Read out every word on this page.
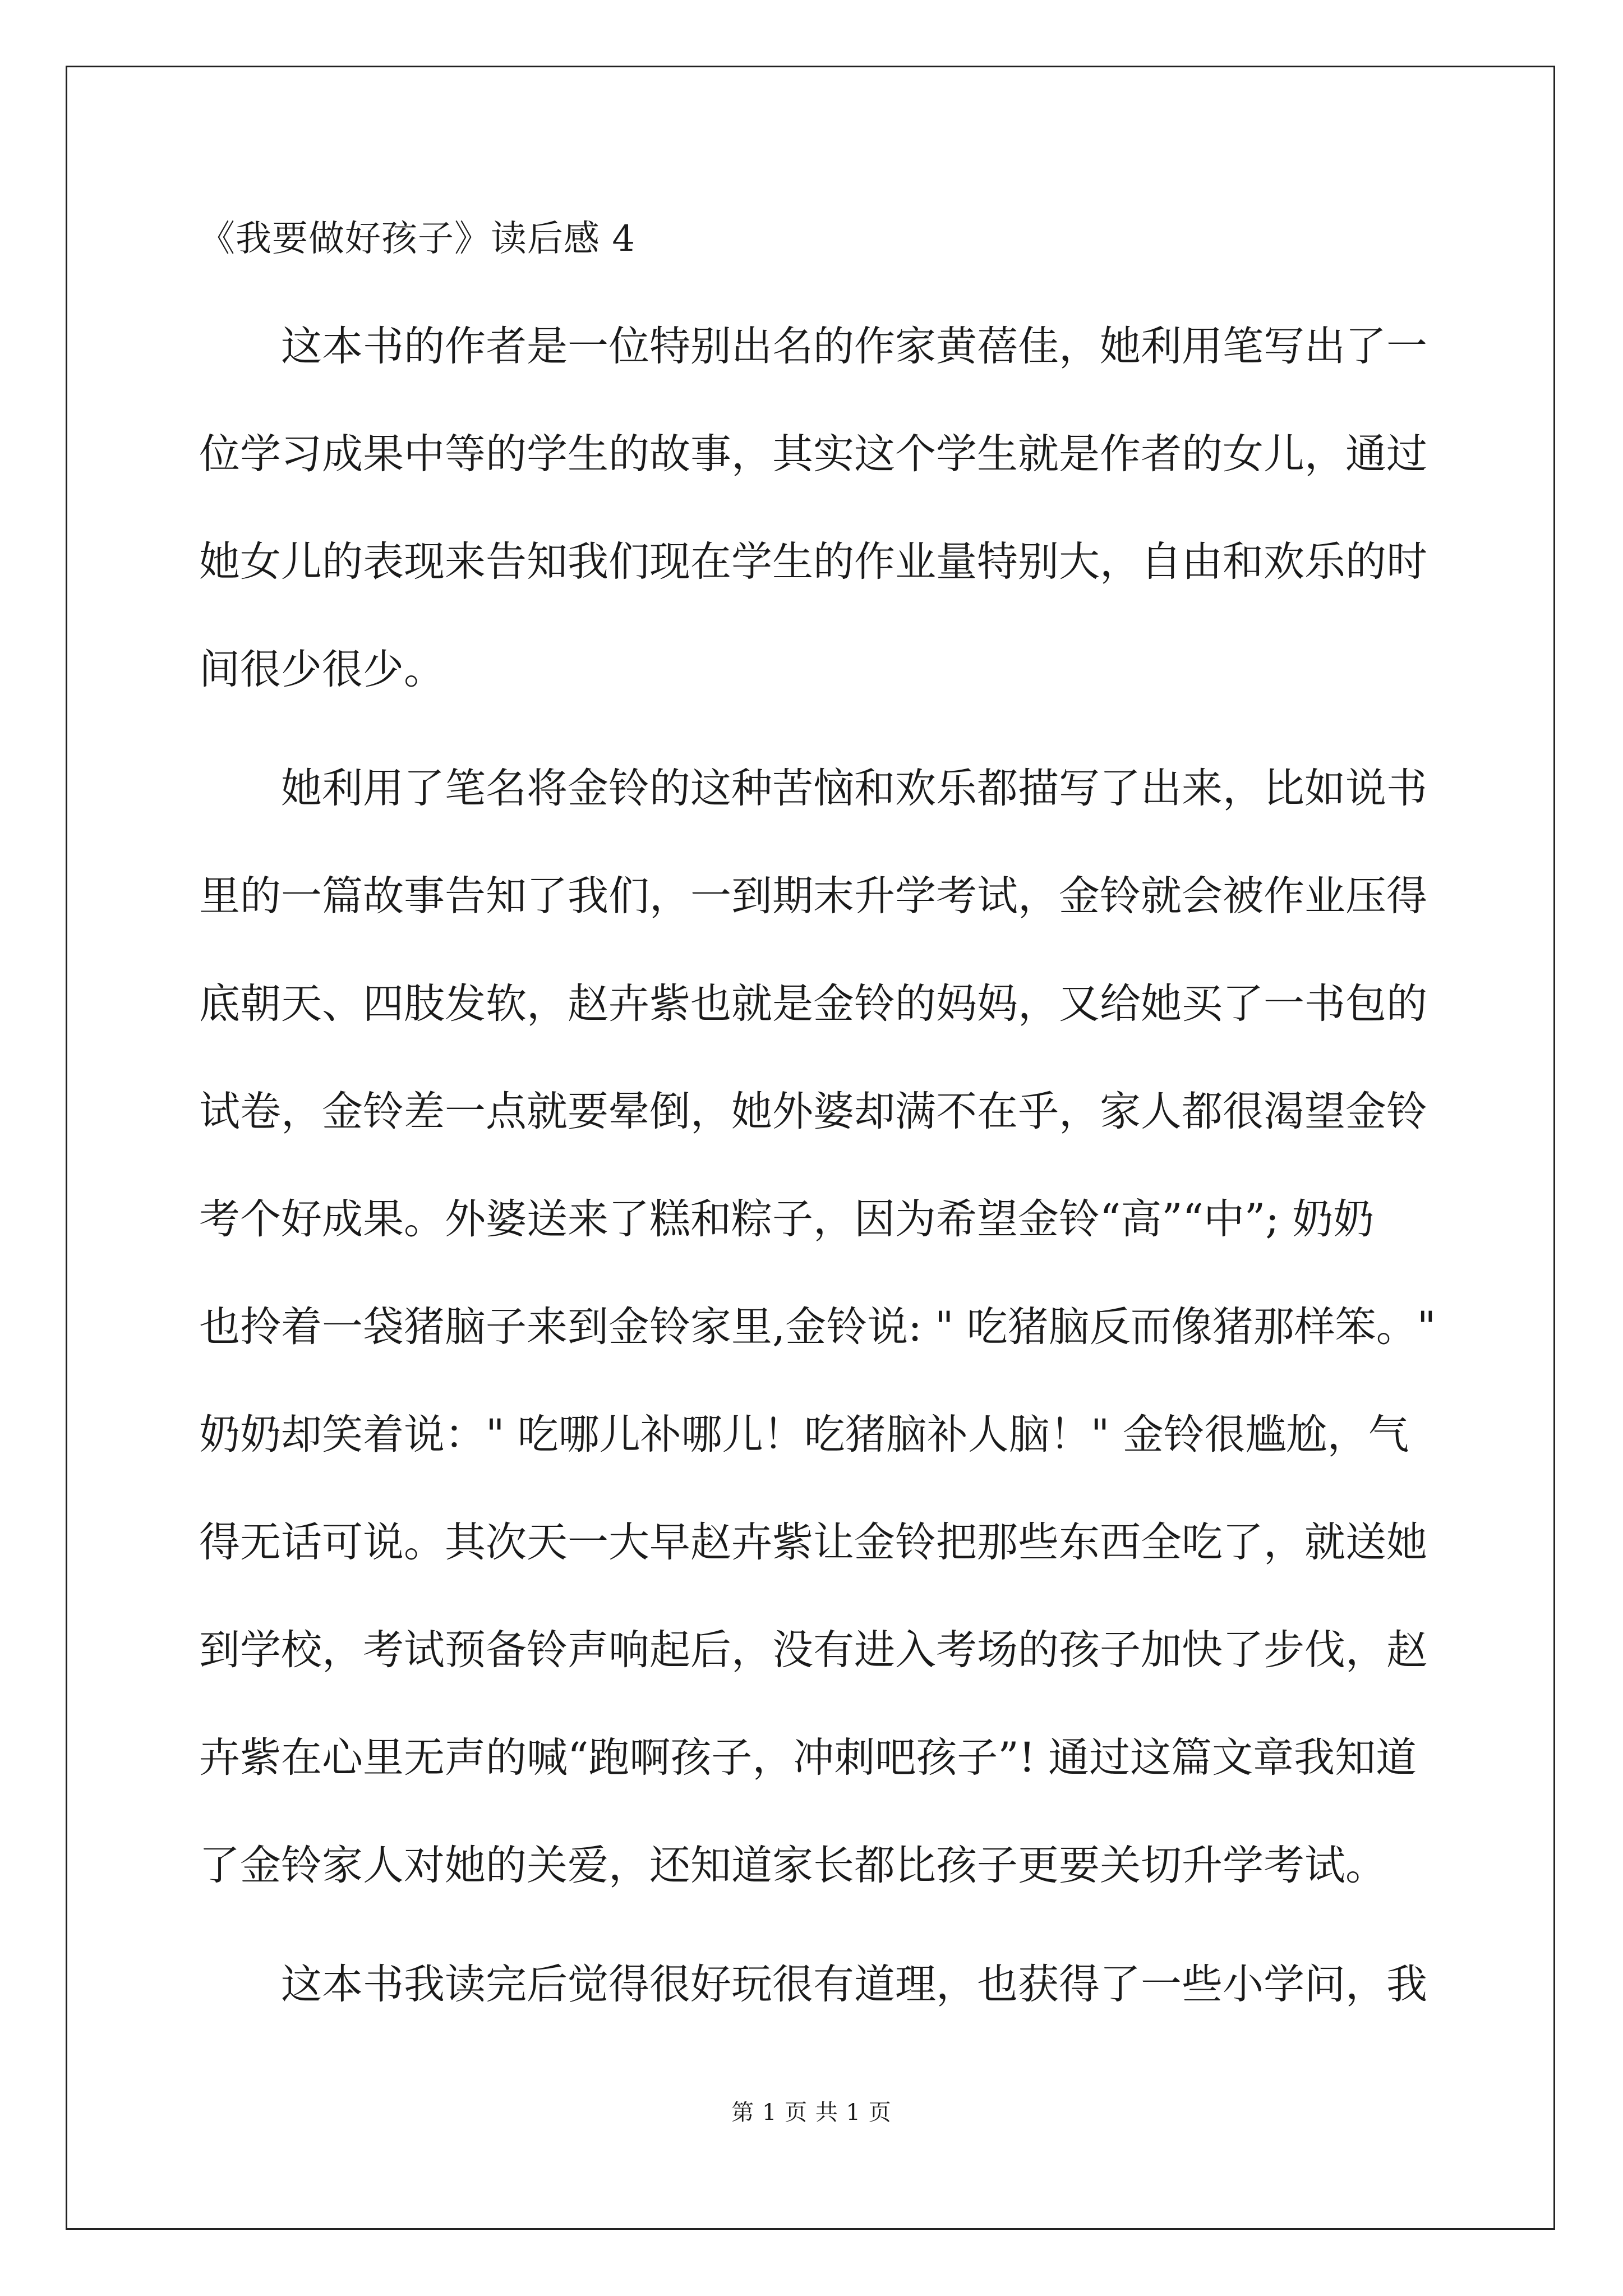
《我要做好孩子》读后感 4
这本书的作者是一位特别出名的作家黄蓓佳，她利用笔写出了一
位学习成果中等的学生的故事，其实这个学生就是作者的女儿，通过
她女儿的表现来告知我们现在学生的作业量特别大，自由和欢乐的时
间很少很少。
她利用了笔名将金铃的这种苦恼和欢乐都描写了出来，比如说书
里的一篇故事告知了我们，一到期末升学考试，金铃就会被作业压得
底朝天、四肢发软，赵卉紫也就是金铃的妈妈，又给她买了一书包的
试卷，金铃差一点就要晕倒，她外婆却满不在乎，家人都很渴望金铃
考个好成果。外婆送来了糕和粽子，因为希望金铃“高”“中”; 奶奶
也拎着一袋猪脑子来到金铃家里,金铃说: " 吃猪脑反而像猪那样笨。"
奶奶却笑着说：" 吃哪儿补哪儿！吃猪脑补人脑！" 金铃很尴尬，气
得无话可说。其次天一大早赵卉紫让金铃把那些东西全吃了，就送她
到学校，考试预备铃声响起后，没有进入考场的孩子加快了步伐，赵
卉紫在心里无声的喊“跑啊孩子，冲刺吧孩子”! 通过这篇文章我知道
了金铃家人对她的关爱，还知道家长都比孩子更要关切升学考试。
这本书我读完后觉得很好玩很有道理，也获得了一些小学问，我
第 1 页 共 1 页
